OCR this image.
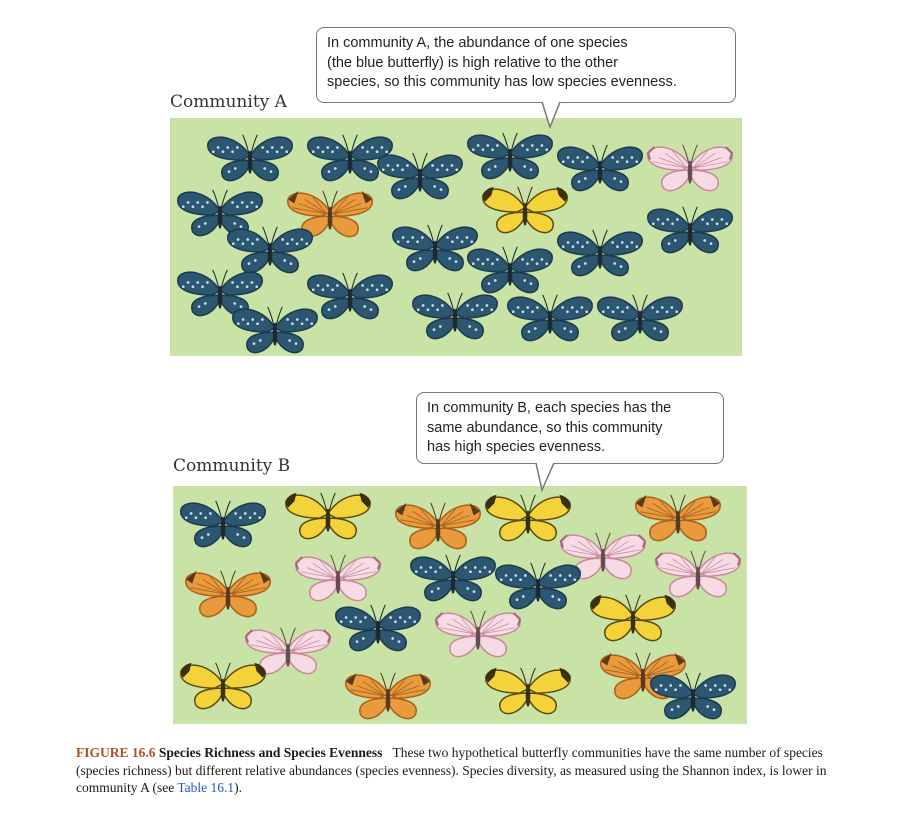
Community A

In community A, the abundance of one species

(the blue butterfly) is high relative to the other

species, so this community has low species evenness.

Community B

In community B, each species has the

same abundance, so this community

has high species evenness.

FIGURE 16.6 Species Richness and Species Evenness These two hypothetical butterfly communities have the same number of species (species richness) but different relative abundances (species evenness). Species diversity, as measured using the Shannon index, is lower in community A (see Table 16.1).
